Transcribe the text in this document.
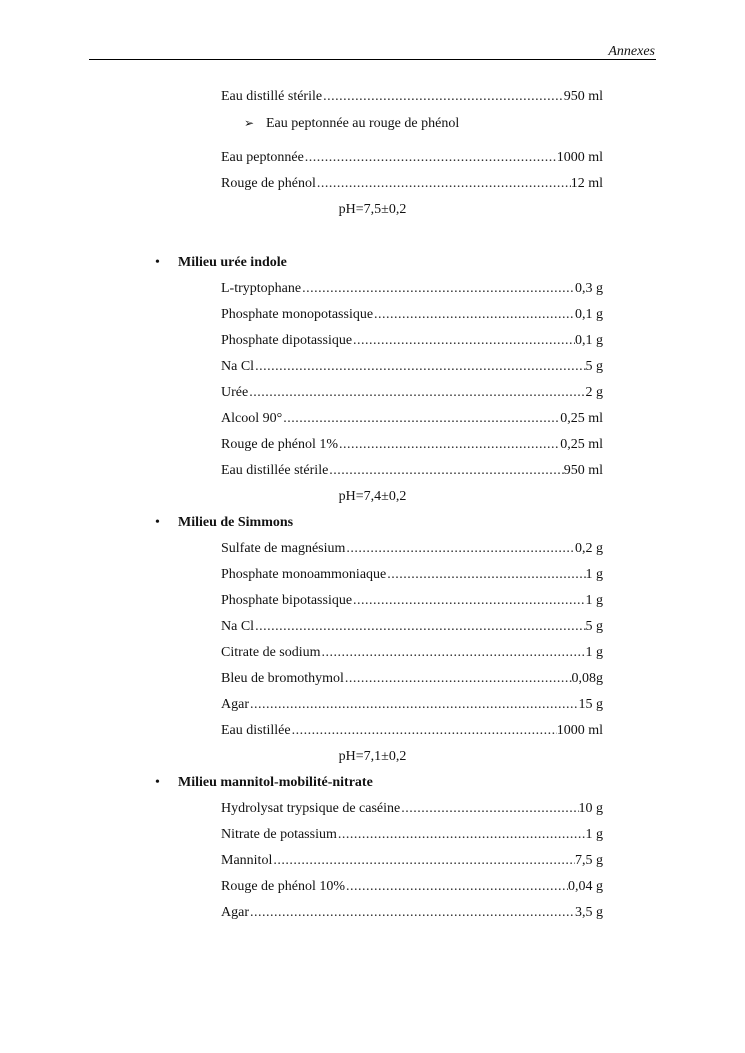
Annexes
Eau distillé stérile .....	950 ml
➢ Eau peptonnée au rouge de phénol
Eau peptonnée .....	1000 ml
Rouge de phénol .....	12 ml
pH=7,5±0,2
•	Milieu urée indole
L-tryptophane .....	0,3 g
Phosphate monopotassique .....	0,1 g
Phosphate dipotassique .....	0,1 g
Na Cl .....	5 g
Urée .....	2 g
Alcool 90° .....	0,25 ml
Rouge de phénol 1% .....	0,25 ml
Eau distillée stérile .....	950 ml
pH=7,4±0,2
•	Milieu de Simmons
Sulfate de magnésium .....	0,2 g
Phosphate monoammoniaque .....	1 g
Phosphate bipotassique .....	1 g
Na Cl .....	5 g
Citrate de sodium .....	1 g
Bleu de bromothymol .....	0,08g
Agar .....	15 g
Eau distillée .....	1000 ml
pH=7,1±0,2
•	Milieu mannitol-mobilité-nitrate
Hydrolysat trypsique de caséine .....	10 g
Nitrate de potassium .....	1 g
Mannitol .....	7,5 g
Rouge de phénol 10% .....	0,04 g
Agar .....	3,5 g
